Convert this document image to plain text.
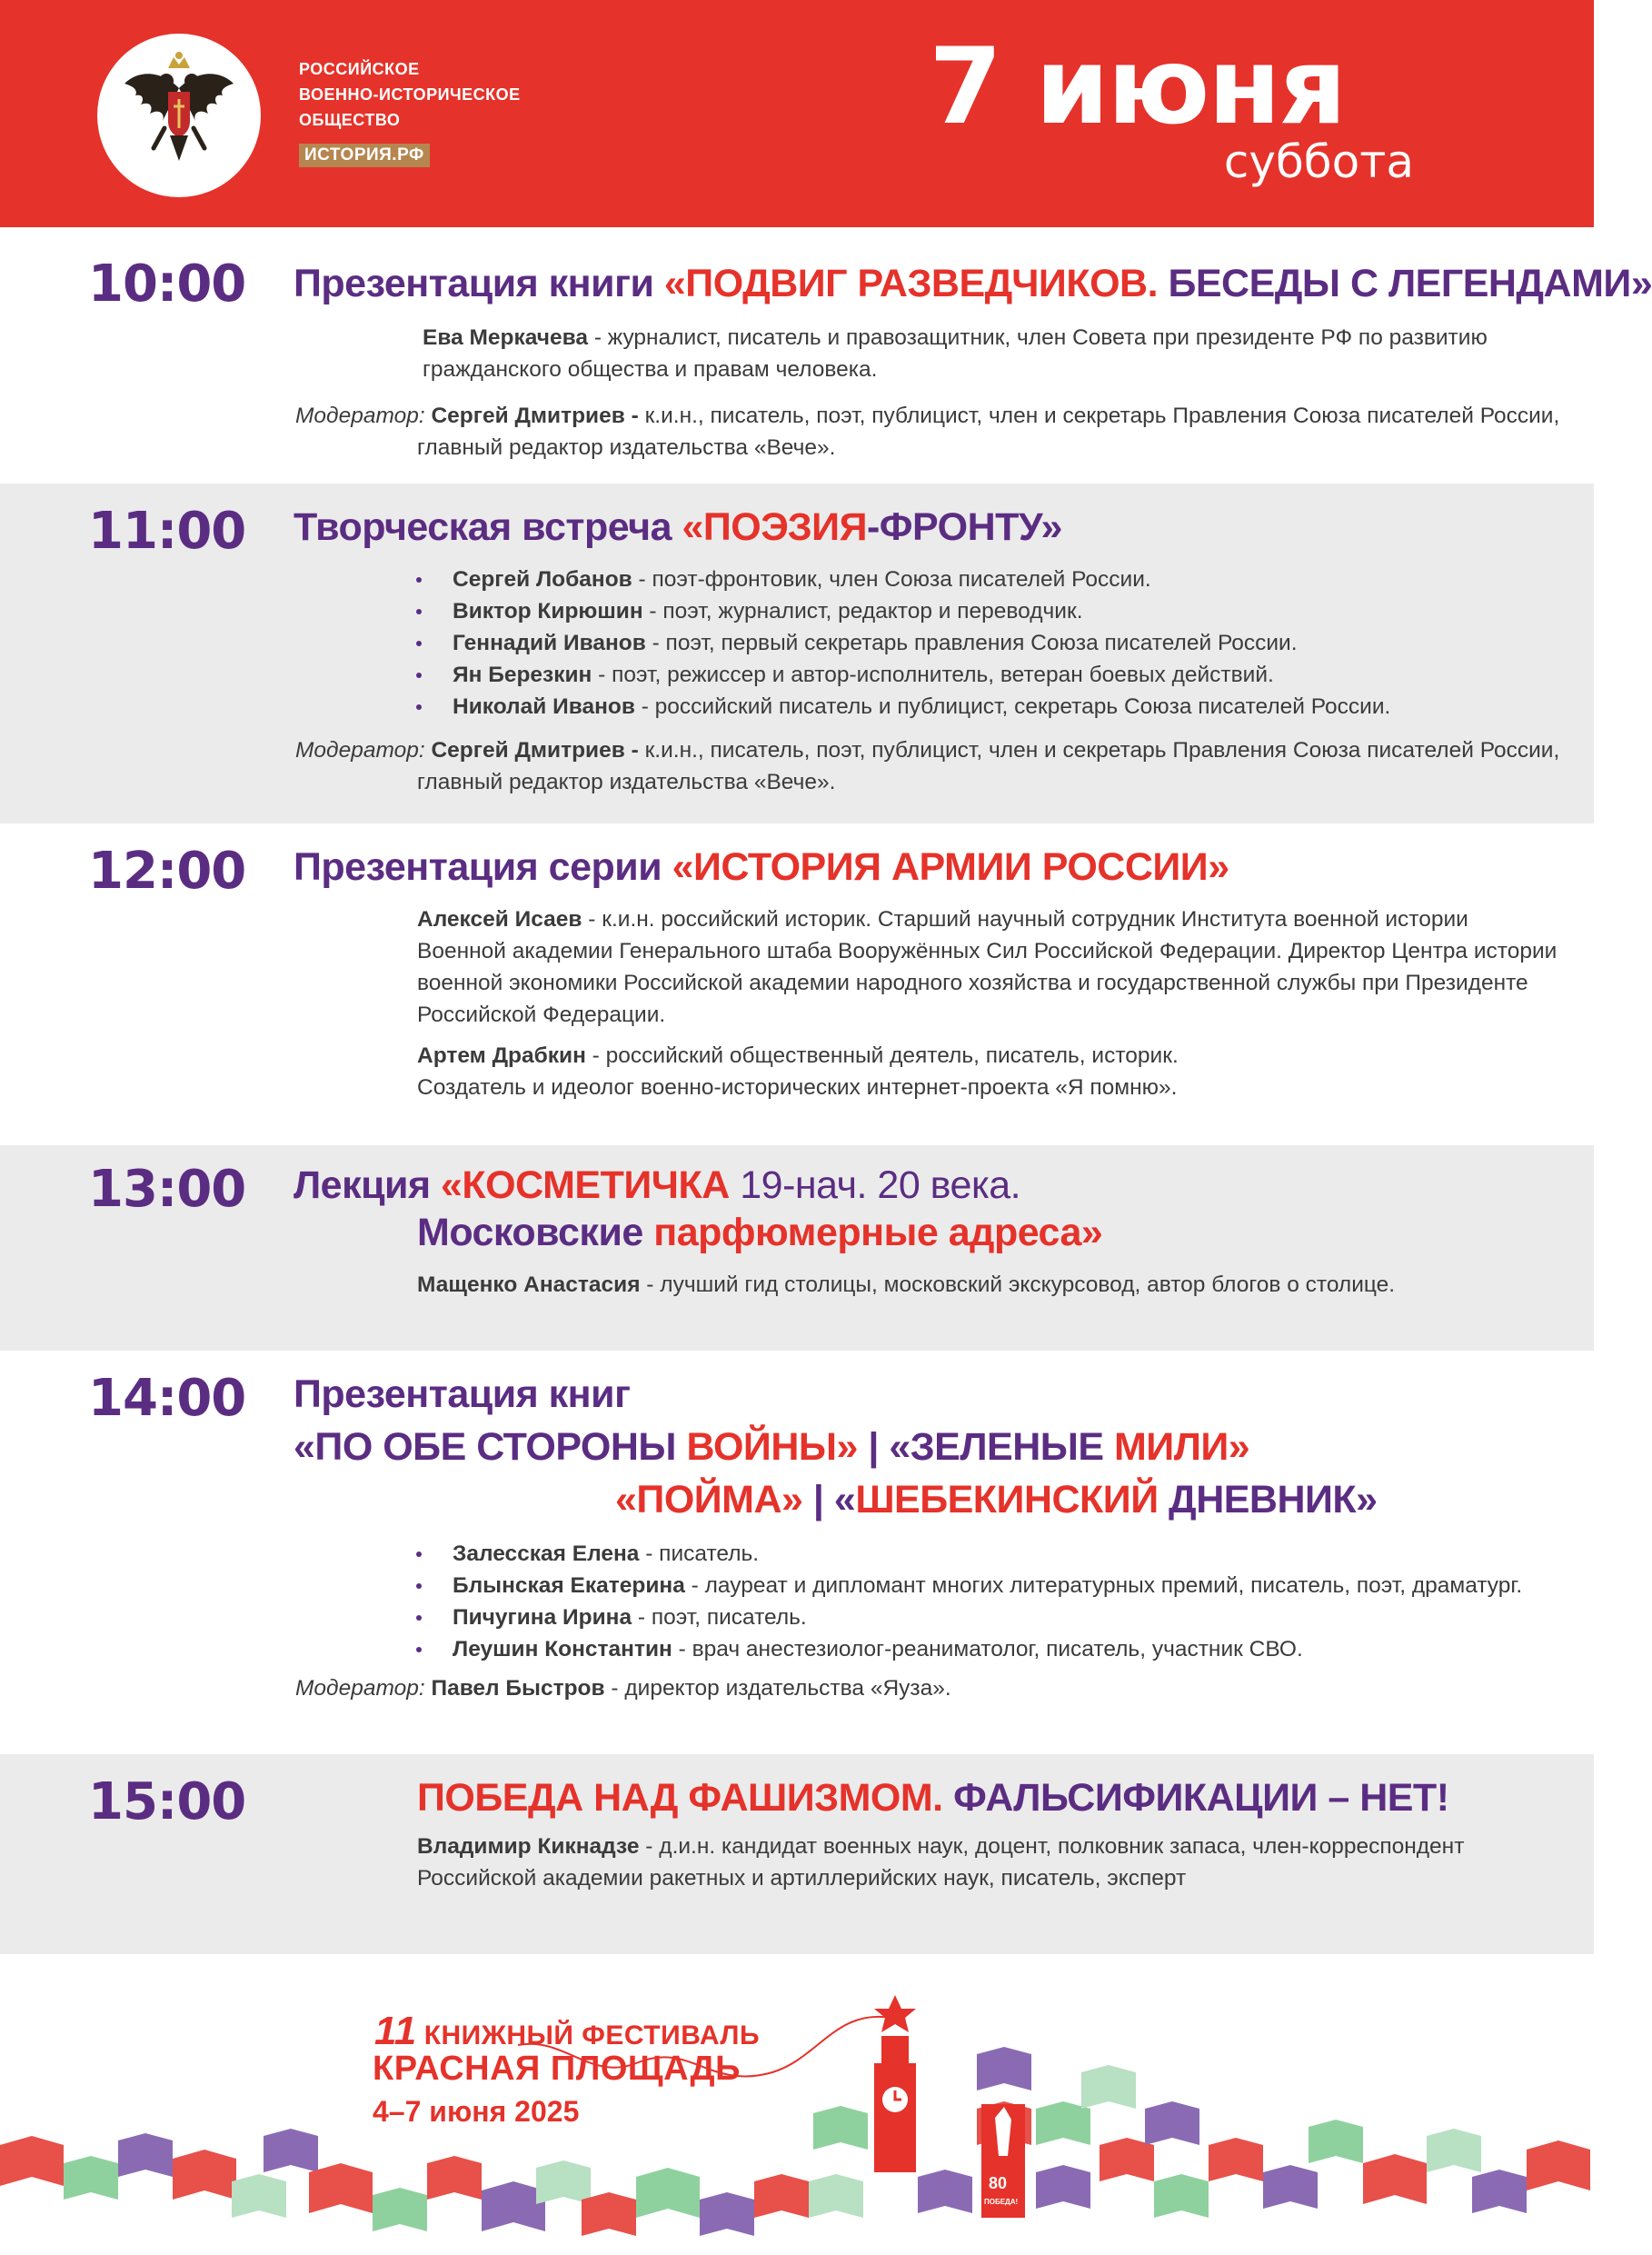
РОССИЙСКОЕ
ВОЕННО-ИСТОРИЧЕСКОЕ
ОБЩЕСТВО
ИСТОРИЯ.РФ
7 июня
суббота
10:00 Презентация книги «ПОДВИГ РАЗВЕДЧИКОВ. БЕСЕДЫ С ЛЕГЕНДАМИ»
Ева Меркачева - журналист, писатель и правозащитник, член Совета при президенте РФ по развитию
гражданского общества и правам человека.
Модератор: Сергей Дмитриев - к.и.н., писатель, поэт, публицист, член и секретарь Правления Союза писателей России,
главный редактор издательства «Вече».
11:00 Творческая встреча «ПОЭЗИЯ-ФРОНТУ»
Сергей Лобанов - поэт-фронтовик, член Союза писателей России.
Виктор Кирюшин - поэт, журналист, редактор и переводчик.
Геннадий Иванов - поэт, первый секретарь правления Союза писателей России.
Ян Березкин - поэт, режиссер и автор-исполнитель, ветеран боевых действий.
Николай Иванов - российский писатель и публицист, секретарь Союза писателей России.
Модератор: Сергей Дмитриев - к.и.н., писатель, поэт, публицист, член и секретарь Правления Союза писателей России,
главный редактор издательства «Вече».
12:00 Презентация серии «ИСТОРИЯ АРМИИ РОССИИ»
Алексей Исаев - к.и.н. российский историк. Старший научный сотрудник Института военной истории
Военной академии Генерального штаба Вооружённых Сил Российской Федерации. Директор Центра истории
военной экономики Российской академии народного хозяйства и государственной службы при Президенте
Российской Федерации.
Артем Драбкин - российский общественный деятель, писатель, историк.
Создатель и идеолог военно-исторических интернет-проекта «Я помню».
13:00 Лекция «КОСМЕТИЧКА 19-нач. 20 века.
Московские парфюмерные адреса»
Мащенко Анастасия - лучший гид столицы, московский экскурсовод, автор блогов о столице.
14:00 Презентация книг
«ПО ОБЕ СТОРОНЫ ВОЙНЫ» | «ЗЕЛЕНЫЕ МИЛИ»
«ПОЙМА» | «ШЕБЕКИНСКИЙ ДНЕВНИК»
Залесская Елена - писатель.
Блынская Екатерина - лауреат и дипломант многих литературных премий, писатель, поэт, драматург.
Пичугина Ирина - поэт, писатель.
Леушин Константин - врач анестезиолог-реаниматолог, писатель, участник СВО.
Модератор: Павел Быстров - директор издательства «Яуза».
15:00	ПОБЕДА НАД ФАШИЗМОМ. ФАЛЬСИФИКАЦИИ – НЕТ!
Владимир Кикнадзе - д.и.н. кандидат военных наук, доцент, полковник запаса, член-корреспондент
Российской академии ракетных и артиллерийских наук, писатель, эксперт
80
ПОБЕДА!
11 КНИЖНЫЙ ФЕСТИВАЛЬ
КРАСНАЯ ПЛОЩАДЬ
4–7 июня 2025
